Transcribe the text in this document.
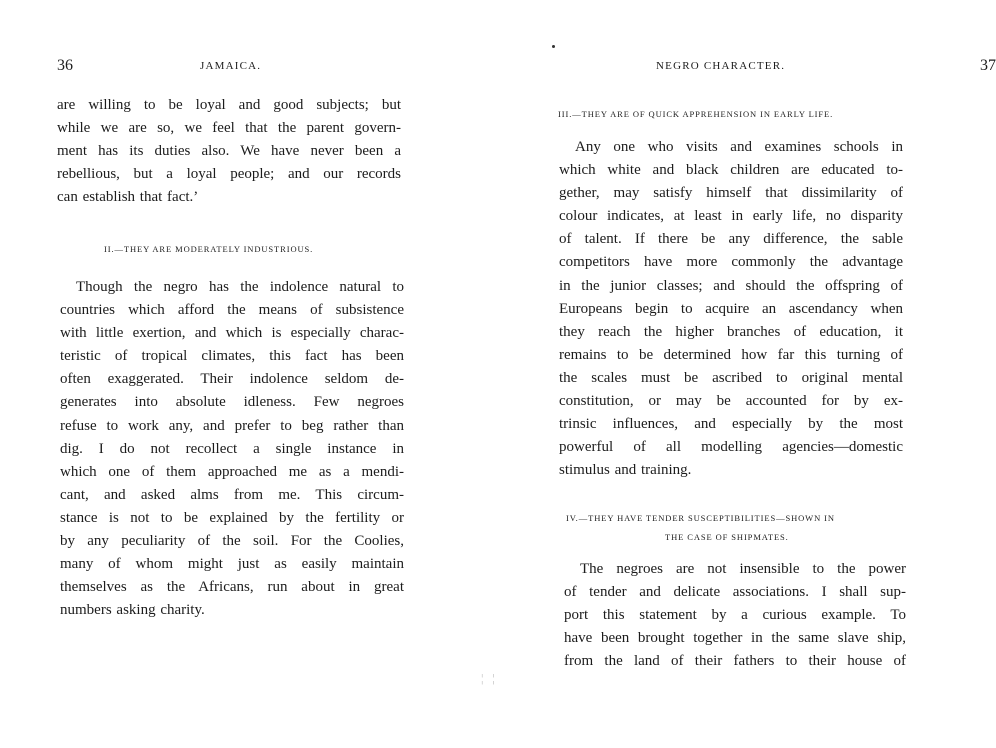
36	JAMAICA.
are willing to be loyal and good subjects; but
while we are so, we feel that the parent govern-
ment has its duties also. We have never been a
rebellious, but a loyal people; and our records
can establish that fact.’
II.—THEY ARE MODERATELY INDUSTRIOUS.
Though the negro has the indolence natural to
countries which afford the means of subsistence
with little exertion, and which is especially charac-
teristic of tropical climates, this fact has been
often exaggerated. Their indolence seldom de-
generates into absolute idleness. Few negroes
refuse to work any, and prefer to beg rather than
dig. I do not recollect a single instance in
which one of them approached me as a mendi-
cant, and asked alms from me. This circum-
stance is not to be explained by the fertility or
by any peculiarity of the soil. For the Coolies,
many of whom might just as easily maintain
themselves as the Africans, run about in great
numbers asking charity.
NEGRO CHARACTER.	37
III.—THEY ARE OF QUICK APPREHENSION IN EARLY LIFE.
Any one who visits and examines schools in
which white and black children are educated to-
gether, may satisfy himself that dissimilarity of
colour indicates, at least in early life, no disparity
of talent. If there be any difference, the sable
competitors have more commonly the advantage
in the junior classes; and should the offspring of
Europeans begin to acquire an ascendancy when
they reach the higher branches of education, it
remains to be determined how far this turning of
the scales must be ascribed to original mental
constitution, or may be accounted for by ex-
trinsic influences, and especially by the most
powerful of all modelling agencies—domestic
stimulus and training.
IV.—THEY HAVE TENDER SUSCEPTIBILITIES—SHOWN IN
THE CASE OF SHIPMATES.
The negroes are not insensible to the power
of tender and delicate associations. I shall sup-
port this statement by a curious example. To
have been brought together in the same slave ship,
from the land of their fathers to their house of
¦ ¦
